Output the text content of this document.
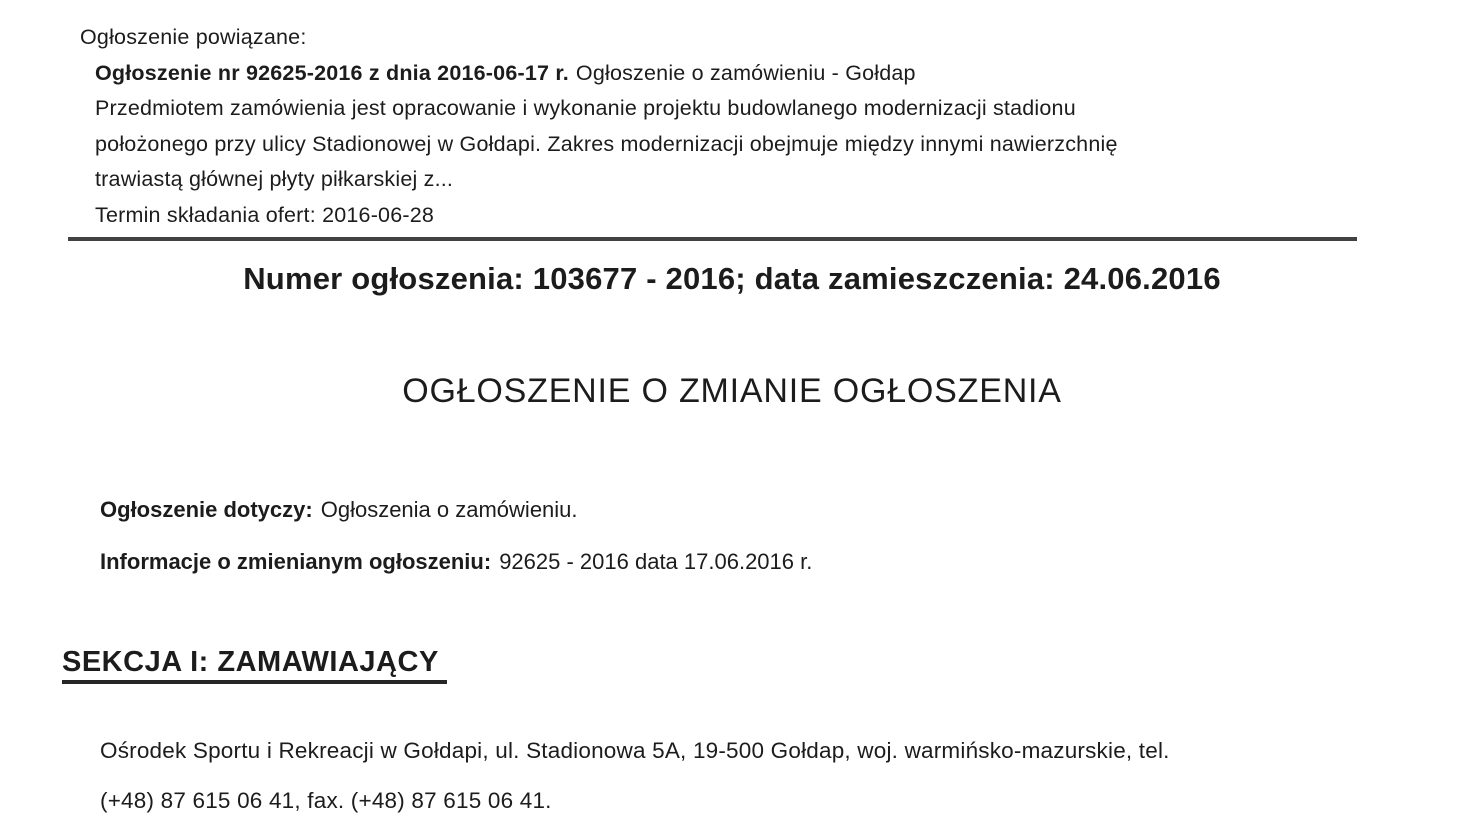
Ogłoszenie powiązane:
Ogłoszenie nr 92625-2016 z dnia 2016-06-17 r. Ogłoszenie o zamówieniu - Gołdap
Przedmiotem zamówienia jest opracowanie i wykonanie projektu budowlanego modernizacji stadionu
położonego przy ulicy Stadionowej w Gołdapi. Zakres modernizacji obejmuje między innymi nawierzchnię
trawiastą głównej płyty piłkarskiej z...
Termin składania ofert: 2016-06-28
Numer ogłoszenia: 103677 - 2016; data zamieszczenia: 24.06.2016
OGŁOSZENIE O ZMIANIE OGŁOSZENIA
Ogłoszenie dotyczy: Ogłoszenia o zamówieniu.
Informacje o zmienianym ogłoszeniu: 92625 - 2016 data 17.06.2016 r.
SEKCJA I: ZAMAWIAJĄCY
Ośrodek Sportu i Rekreacji w Gołdapi, ul. Stadionowa 5A, 19-500 Gołdap, woj. warmińsko-mazurskie, tel.
(+48) 87 615 06 41, fax. (+48) 87 615 06 41.
